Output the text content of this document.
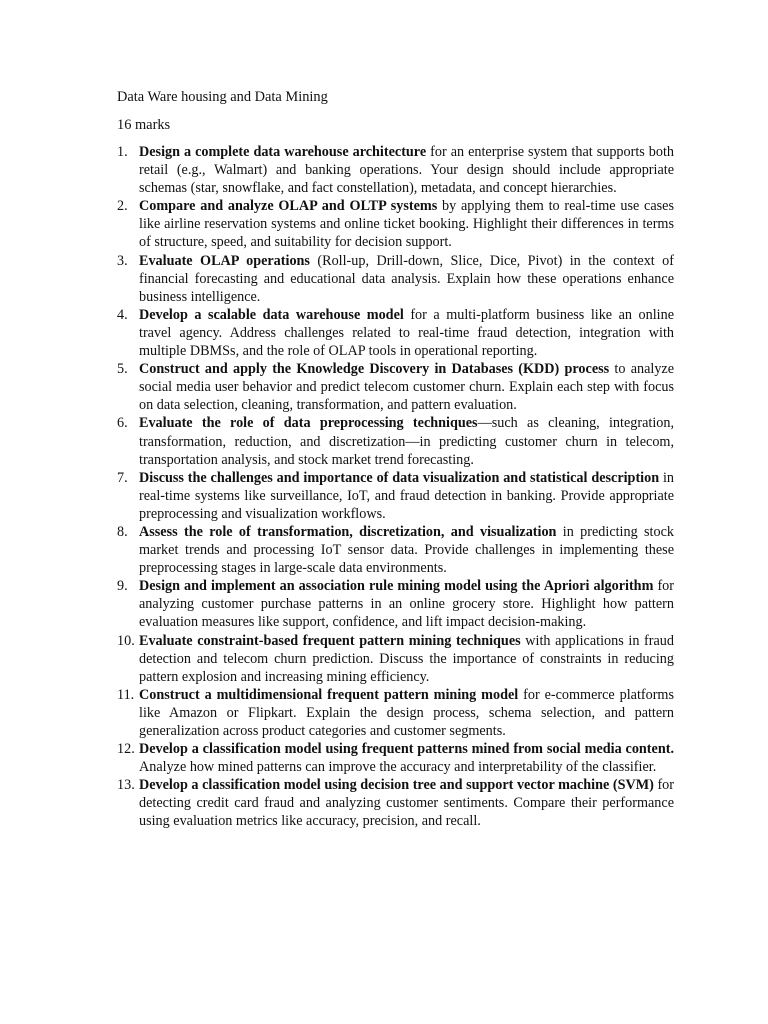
Data Ware housing and Data Mining
16 marks
1. Design a complete data warehouse architecture for an enterprise system that supports both retail (e.g., Walmart) and banking operations. Your design should include appropriate schemas (star, snowflake, and fact constellation), metadata, and concept hierarchies.
2. Compare and analyze OLAP and OLTP systems by applying them to real-time use cases like airline reservation systems and online ticket booking. Highlight their differences in terms of structure, speed, and suitability for decision support.
3. Evaluate OLAP operations (Roll-up, Drill-down, Slice, Dice, Pivot) in the context of financial forecasting and educational data analysis. Explain how these operations enhance business intelligence.
4. Develop a scalable data warehouse model for a multi-platform business like an online travel agency. Address challenges related to real-time fraud detection, integration with multiple DBMSs, and the role of OLAP tools in operational reporting.
5. Construct and apply the Knowledge Discovery in Databases (KDD) process to analyze social media user behavior and predict telecom customer churn. Explain each step with focus on data selection, cleaning, transformation, and pattern evaluation.
6. Evaluate the role of data preprocessing techniques—such as cleaning, integration, transformation, reduction, and discretization—in predicting customer churn in telecom, transportation analysis, and stock market trend forecasting.
7. Discuss the challenges and importance of data visualization and statistical description in real-time systems like surveillance, IoT, and fraud detection in banking. Provide appropriate preprocessing and visualization workflows.
8. Assess the role of transformation, discretization, and visualization in predicting stock market trends and processing IoT sensor data. Provide challenges in implementing these preprocessing stages in large-scale data environments.
9. Design and implement an association rule mining model using the Apriori algorithm for analyzing customer purchase patterns in an online grocery store. Highlight how pattern evaluation measures like support, confidence, and lift impact decision-making.
10. Evaluate constraint-based frequent pattern mining techniques with applications in fraud detection and telecom churn prediction. Discuss the importance of constraints in reducing pattern explosion and increasing mining efficiency.
11. Construct a multidimensional frequent pattern mining model for e-commerce platforms like Amazon or Flipkart. Explain the design process, schema selection, and pattern generalization across product categories and customer segments.
12. Develop a classification model using frequent patterns mined from social media content. Analyze how mined patterns can improve the accuracy and interpretability of the classifier.
13. Develop a classification model using decision tree and support vector machine (SVM) for detecting credit card fraud and analyzing customer sentiments. Compare their performance using evaluation metrics like accuracy, precision, and recall.
